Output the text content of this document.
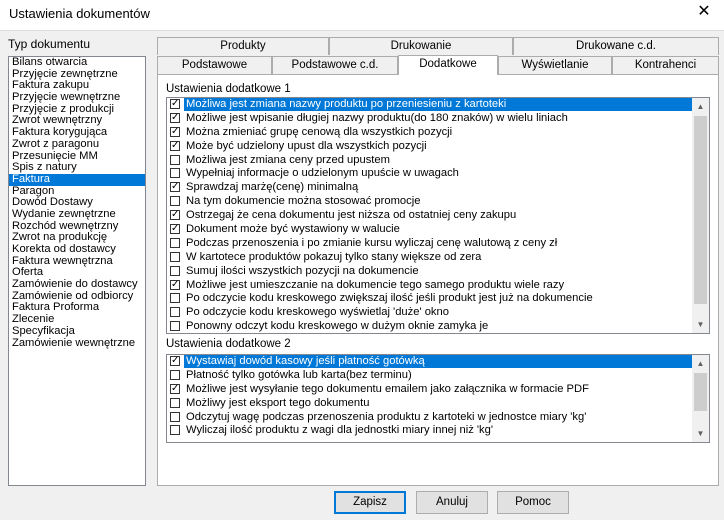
Ustawienia dokumentów	✕
Typ dokumentu
Bilans otwarcia
Przyjęcie zewnętrzne
Faktura zakupu
Przyjęcie wewnętrzne
Przyjęcie z produkcji
Zwrot wewnętrzny
Faktura korygująca
Zwrot z paragonu
Przesunięcie MM
Spis z natury
Faktura
Paragon
Dowód Dostawy
Wydanie zewnętrzne
Rozchód wewnętrzny
Zwrot na produkcję
Korekta od dostawcy
Faktura wewnętrzna
Oferta
Zamówienie do dostawcy
Zamówienie od odbiorcy
Faktura Proforma
Zlecenie
Specyfikacja
Zamówienie wewnętrzne
Produkty	Drukowanie	Drukowane c.d.
Podstawowe	Podstawowe c.d.	Dodatkowe	Wyświetlanie	Kontrahenci
Ustawienia dodatkowe 1
✓ Możliwa jest zmiana nazwy produktu po przeniesieniu z kartoteki
✓ Możliwe jest wpisanie długiej nazwy produktu(do 180 znaków) w wielu liniach
✓ Można zmieniać grupę cenową dla wszystkich pozycji
✓ Może być udzielony upust dla wszystkich pozycji
Możliwa jest zmiana ceny przed upustem
Wypełniaj informacje o udzielonym upuście w uwagach
✓ Sprawdzaj marżę(cenę) minimalną
Na tym dokumencie można stosować promocje
✓ Ostrzegaj że cena dokumentu jest niższa od ostatniej ceny zakupu
✓ Dokument może być wystawiony w walucie
Podczas przenoszenia i po zmianie kursu wyliczaj cenę walutową z ceny zł
W kartotece produktów pokazuj tylko stany większe od zera
Sumuj ilości wszystkich pozycji na dokumencie
✓ Możliwe jest umieszczanie na dokumencie tego samego produktu wiele razy
Po odczycie kodu kreskowego zwiększaj ilość jeśli produkt jest już na dokumencie
Po odczycie kodu kreskowego wyświetlaj 'duże' okno
Ponowny odczyt kodu kreskowego w dużym oknie zamyka je
▲
▼
Ustawienia dodatkowe 2
✓ Wystawiaj dowód kasowy jeśli płatność gotówką
Płatność tylko gotówka lub karta(bez terminu)
✓ Możliwe jest wysyłanie tego dokumentu emailem jako załącznika w formacie PDF
Możliwy jest eksport tego dokumentu
Odczytuj wagę podczas przenoszenia produktu z kartoteki w jednostce miary 'kg'
Wyliczaj ilość produktu z wagi dla jednostki miary innej niż 'kg'
▲
▼
Zapisz	Anuluj	Pomoc
